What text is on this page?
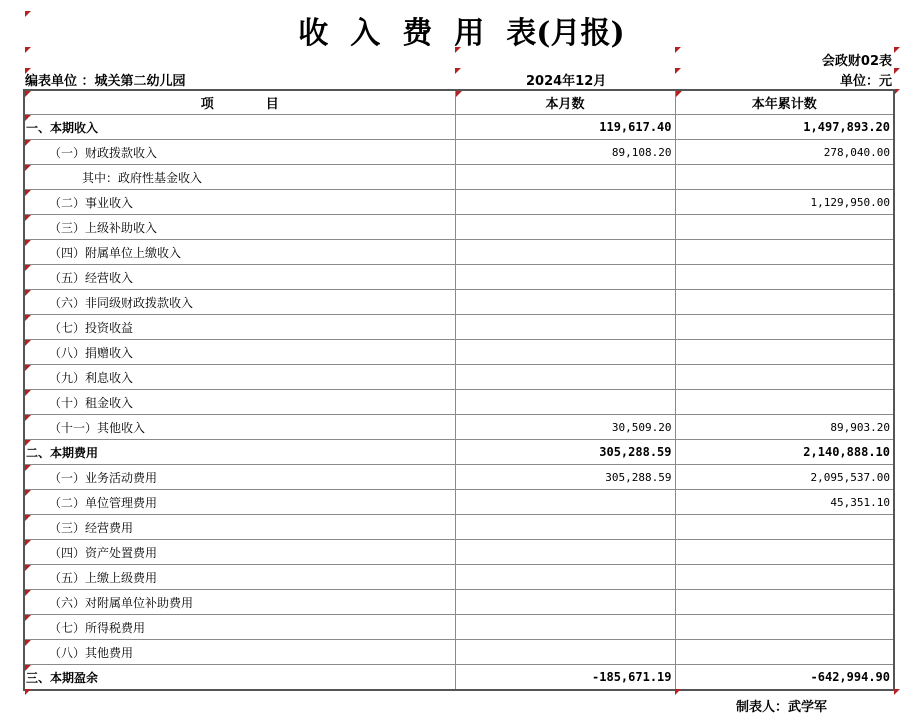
收入费用表(月报)
会政财02表
编表单位 ：城关第二幼儿园	2024年12月	单位：元
项　　　　目	本月数	本年累计数

一、本期收入	119,617.40	1,497,893.20

（一）财政拨款收入	89,108.20	278,040.00

其中：政府性基金收入		

（二）事业收入		1,129,950.00

（三）上级补助收入		

（四）附属单位上缴收入		

（五）经营收入		

（六）非同级财政拨款收入		

（七）投资收益		

（八）捐赠收入		

（九）利息收入		

（十）租金收入		

（十一）其他收入	30,509.20	89,903.20

二、本期费用	305,288.59	2,140,888.10

（一）业务活动费用	305,288.59	2,095,537.00

（二）单位管理费用		45,351.10

（三）经营费用		

（四）资产处置费用		

（五）上缴上级费用		

（六）对附属单位补助费用		

（七）所得税费用		

（八）其他费用		

三、本期盈余	-185,671.19	-642,994.90
制表人：武学军
